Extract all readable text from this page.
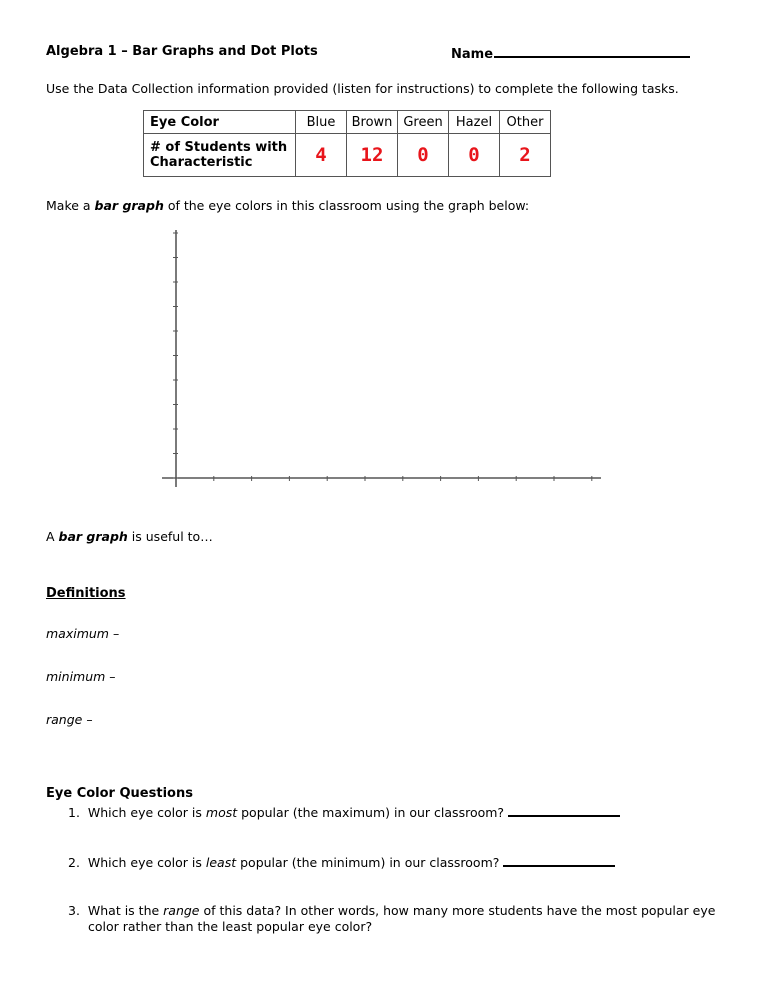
Algebra 1 – Bar Graphs and Dot Plots	Name
Use the Data Collection information provided (listen for instructions) to complete the following tasks.
Eye Color	Blue	Brown	Green	Hazel	Other
# of Students with Characteristic	4	12	0	0	2
Make a bar graph of the eye colors in this classroom using the graph below:
A bar graph is useful to…
Definitions
maximum –
minimum –
range –
Eye Color Questions
1. Which eye color is most popular (the maximum) in our classroom?
2. Which eye color is least popular (the minimum) in our classroom?
3. What is the range of this data? In other words, how many more students have the most popular eye
color rather than the least popular eye color?
